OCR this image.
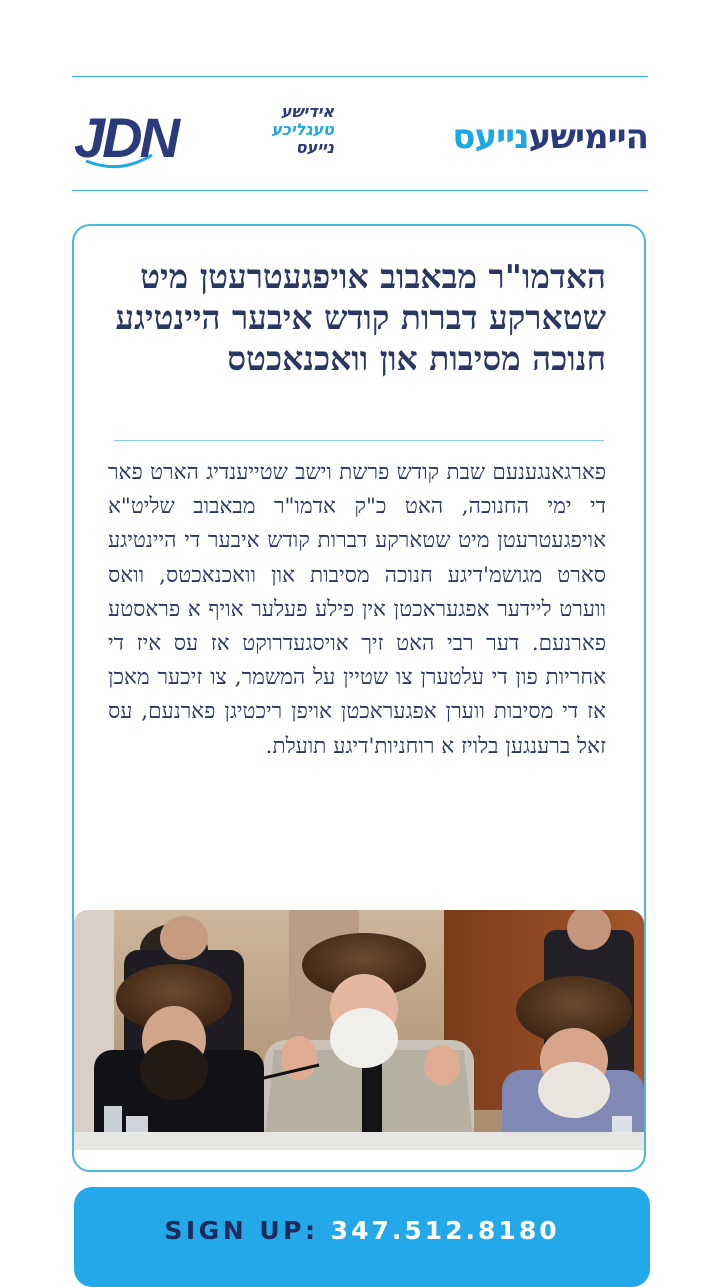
היימישענייעס
JDN	אידישע
טעגליכע
נייעס
האדמו"ר מבאבוב אויפגעטרעטן מיט שטארקע דברות קודש איבער היינטיגע חנוכה מסיבות און וואכנאכטס
פארגאנגענעם שבת קודש פרשת וישב שטייענדיג הארט פאר די ימי החנוכה, האט כ"ק אדמו"ר מבאבוב שליט"א אויפגעטרעטן מיט שטארקע דברות קודש איבער די היינטיגע סארט מגושמ'דיגע חנוכה מסיבות און וואכנאכטס, וואס ווערט ליידער אפגעראכטן אין פילע פעלער אויף א פראסטע פארנעם. דער רבי האט זיך אויסגעדרוקט אז עס איז די אחריות פון די עלטערן צו שטיין על המשמר, צו זיכער מאכן אז די מסיבות ווערן אפגעראכטן אויפן ריכטיגן פארנעם, עס זאל ברענגען בלויז א רוחניות'דיגע תועלת.
SIGN UP: 347.512.8180
